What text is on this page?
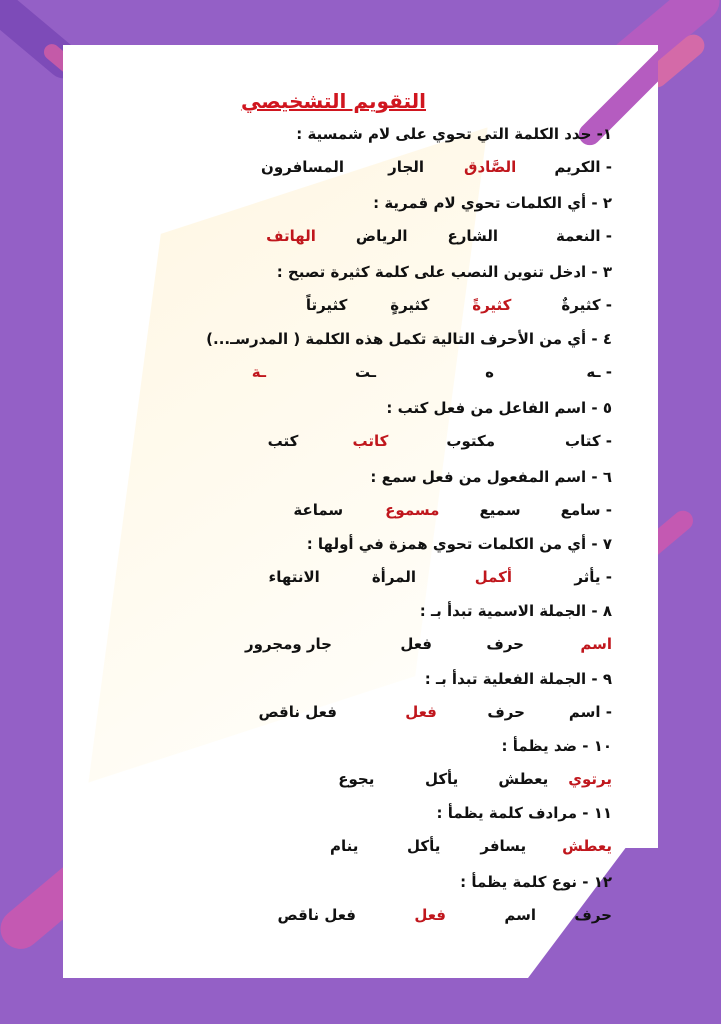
التقويم التشخيصي
١- حدد الكلمة التي تحوي على لام شمسية :
- الكريم
الصَّادق
الجار
المسافرون
٢ - أي الكلمات تحوي لام قمرية :
- النعمة
الشارع
الرياض
الهاتف
٣ - ادخل تنوين النصب على كلمة كثيرة تصبح :
- كثيرةٌ
كثيرةً
كثيرةٍ
كثيرتاً
٤ - أي من الأحرف التالية تكمل هذه الكلمة ( المدرسـ...)
- ـه
ه
ـت
ـة
٥ - اسم الفاعل من فعل كتب :
- كتاب
مكتوب
كاتب
كتب
٦ - اسم المفعول من فعل سمع :
- سامع
سميع
مسموع
سماعة
٧ - أي من الكلمات تحوي همزة في أولها :
- يأثر
أكمل
المرأة
الانتهاء
٨ - الجملة الاسمية تبدأ بـ :
اسم
حرف
فعل
جار ومجرور
٩ - الجملة الفعلية تبدأ بـ :
- اسم
حرف
فعل
فعل ناقص
١٠ - ضد يظمأ :
يرتوي
يعطش
يأكل
يجوع
١١ - مرادف كلمة يظمأ :
يعطش
يسافر
يأكل
ينام
١٢ - نوع كلمة يظمأ :
حرف
اسم
فعل
فعل ناقص
